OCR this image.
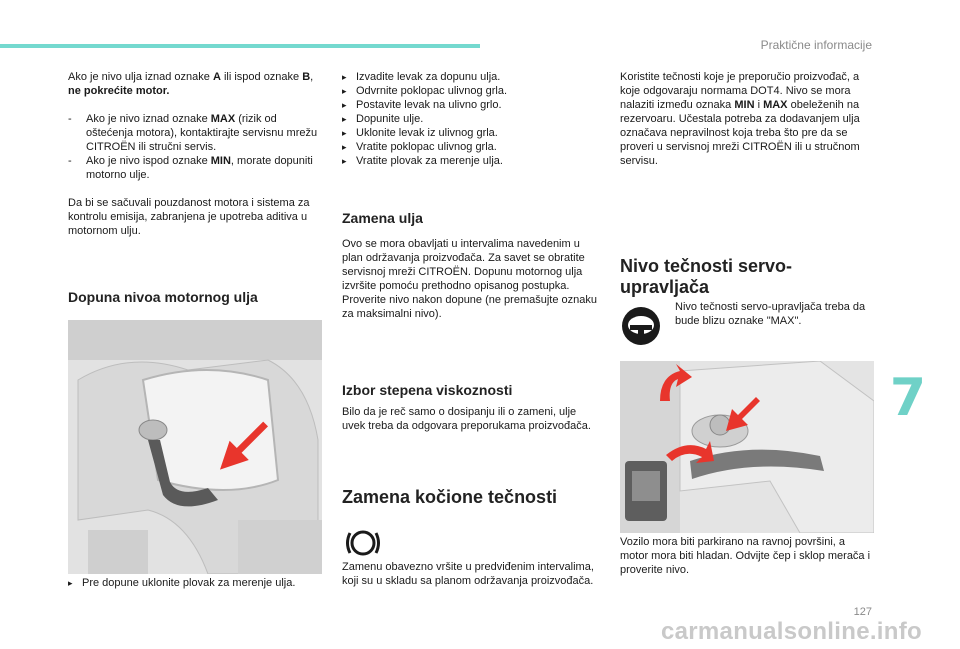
Praktične informacije
7
127
carmanualsonline.info

Ako je nivo ulja iznad oznake A ili ispod oznake B, ne pokrećite motor.

- Ako je nivo iznad oznake MAX (rizik od oštećenja motora), kontaktirajte servisnu mrežu CITROËN ili stručni servis.
- Ako je nivo ispod oznake MIN, morate dopuniti motorno ulje.

Da bi se sačuvali pouzdanost motora i sistema za kontrolu emisija, zabranjena je upotreba aditiva u motornom ulju.

Dopuna nivoa motornog ulja
▸ Pre dopune uklonite plovak za merenje ulja.
▸ Izvadite levak za dopunu ulja.
▸ Odvrnite poklopac ulivnog grla.
▸ Postavite levak na ulivno grlo.
▸ Dopunite ulje.
▸ Uklonite levak iz ulivnog grla.
▸ Vratite poklopac ulivnog grla.
▸ Vratite plovak za merenje ulja.
Zamena ulja

Ovo se mora obavljati u intervalima navedenim u plan održavanja proizvođača. Za savet se obratite servisnoj mreži CITROËN. Dopunu motornog ulja izvršite pomoću prethodno opisanog postupka. Proverite nivo nakon dopune (ne premašujte oznaku za maksimalni nivo).

Izbor stepena viskoznosti

Bilo da je reč samo o dosipanju ili o zameni, ulje uvek treba da odgovara preporukama proizvođača.

Zamena kočione tečnosti

Zamenu obavezno vršite u predviđenim intervalima, koji su u skladu sa planom održavanja proizvođača.

Koristite tečnosti koje je preporučio proizvođač, a koje odgovaraju normama DOT4. Nivo se mora nalaziti između oznaka MIN i MAX obeleženih na rezervoaru. Učestala potreba za dodavanjem ulja označava nepravilnost koja treba što pre da se proveri u servisnoj mreži CITROËN ili u stručnom servisu.

Nivo tečnosti servo-upravljača

Nivo tečnosti servo-upravljača treba da bude blizu oznake "MAX".

Vozilo mora biti parkirano na ravnoj površini, a motor mora biti hladan. Odvijte čep i sklop merača i proverite nivo.
